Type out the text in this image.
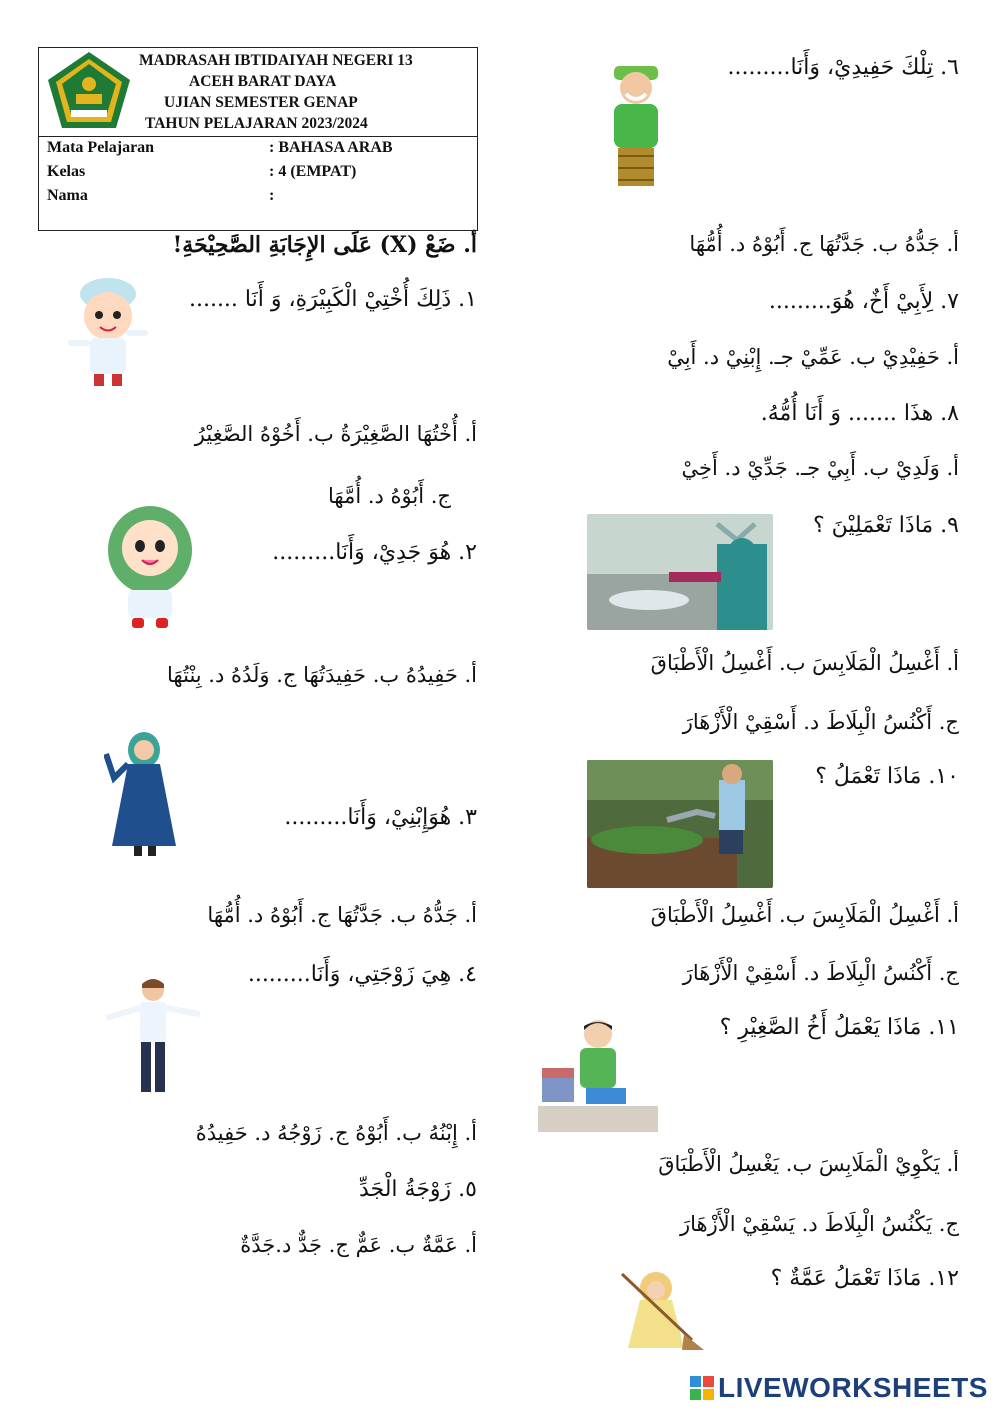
MADRASAH IBTIDAIYAH NEGERI 13
ACEH BARAT DAYA
UJIAN SEMESTER GENAP
TAHUN PELAJARAN 2023/2024
Mata Pelajaran	: BAHASA ARAB
Kelas	: 4 (EMPAT)
Nama	:
أ. ضَعْ (X) عَلَى الإِجَابَةِ الصَّحِيْحَةِ!
١. ذَلِكَ أُخْتِيْ الْكَبِيْرَةِ، وَ أَنَا .......
أ. أُخْتُهَا الصَّغِيْرَةُ ب. أَخُوْهُ الصَّغِيْرُ
ج. أَبُوْهُ د. أُمَّهَا
٢. هُوَ جَدِيْ، وَأَنَا.........
أ. حَفِيدُهُ ب. حَفِيدَتُهَا ج. وَلَدُهُ د. بِنْتُهَا
٣. هُوَإِبْنِيْ، وَأَنَا.........
أ. جَدُّهُ ب. جَدَّتُهَا ج. أَبُوْهُ د. أُمُّهَا
٤. هِيَ زَوْجَتِي، وَأَنَا.........
أ. إِبْنُهُ ب. أَبُوْهُ ج. زَوْجُهُ د. حَفِيدُهُ
٥. زَوْجَةُ الْجَدِّ
أ. عَمَّةٌ ب. عَمٌّ ج. جَدٌّ د.جَدَّةٌ
٦. تِلْكَ حَفِيدِيْ، وَأَنَا.........
أ. جَدُّهُ ب. جَدَّتُهَا ج. أَبُوْهُ د. أُمُّهَا
٧. لِأَبِيْ أَخٌ، هُوَ.........
أ. حَفِيْدِيْ ب. عَمِّيْ جـ. إِبْنِيْ د. أَبِيْ
٨. هذَا ....... وَ أَنَا أُمُّهُ.
أ. وَلَدِيْ ب. أَبِيْ جـ. جَدِّيْ د. أَخِيْ
٩. مَاذَا تَعْمَلِيْنَ ؟
أ. أَغْسِلُ الْمَلَابِسَ ب. أَغْسِلُ الْأَطْبَاقَ
ج. أَكْنُسُ الْبِلَاطَ د. أَسْقِيْ الْأَزْهَارَ
١٠. مَاذَا تَعْمَلُ ؟
أ. أَغْسِلُ الْمَلَابِسَ ب. أَغْسِلُ الْأَطْبَاقَ
ج. أَكْنُسُ الْبِلَاطَ د. أَسْقِيْ الْأَزْهَارَ
١١. مَاذَا يَعْمَلُ أَخُ الصَّغِيْرِ ؟
أ. يَكْوِيْ الْمَلَابِسَ ب. يَغْسِلُ الْأَطْبَاقَ
ج. يَكْنُسُ الْبِلَاطَ د. يَسْقِيْ الْأَزْهَارَ
١٢. مَاذَا تَعْمَلُ عَمَّةٌ ؟
LIVEWORKSHEETS
